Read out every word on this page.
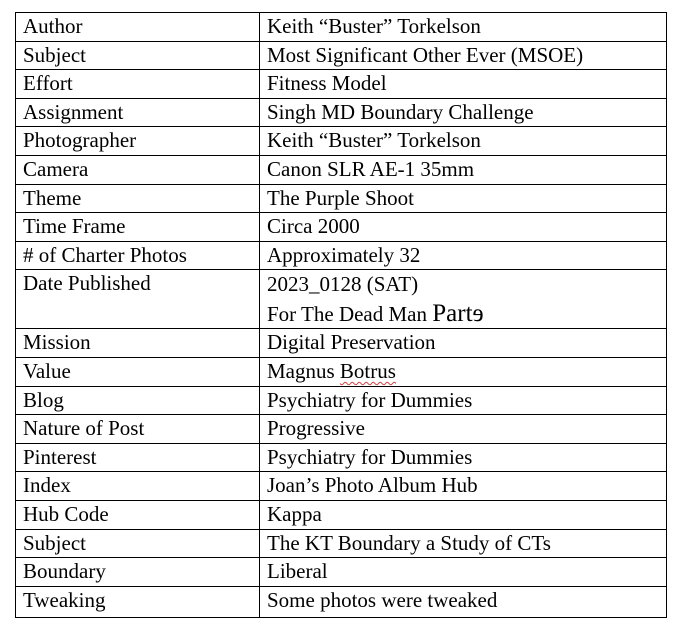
Author	Keith “Buster” Torkelson
Subject	Most Significant Other Ever (MSOE)
Effort	Fitness Model
Assignment	Singh MD Boundary Challenge
Photographer	Keith “Buster” Torkelson
Camera	Canon SLR AE-1 35mm
Theme	The Purple Shoot
Time Frame	Circa 2000
# of Charter Photos	Approximately 32
Date Published	2023_0128 (SAT)
For The Dead Man Partɘ

Mission	Digital Preservation
Value	Magnus Botrus
Blog	Psychiatry for Dummies
Nature of Post	Progressive
Pinterest	Psychiatry for Dummies
Index	Joan’s Photo Album Hub
Hub Code	Kappa
Subject	The KT Boundary a Study of CTs
Boundary	Liberal
Tweaking	Some photos were tweaked
